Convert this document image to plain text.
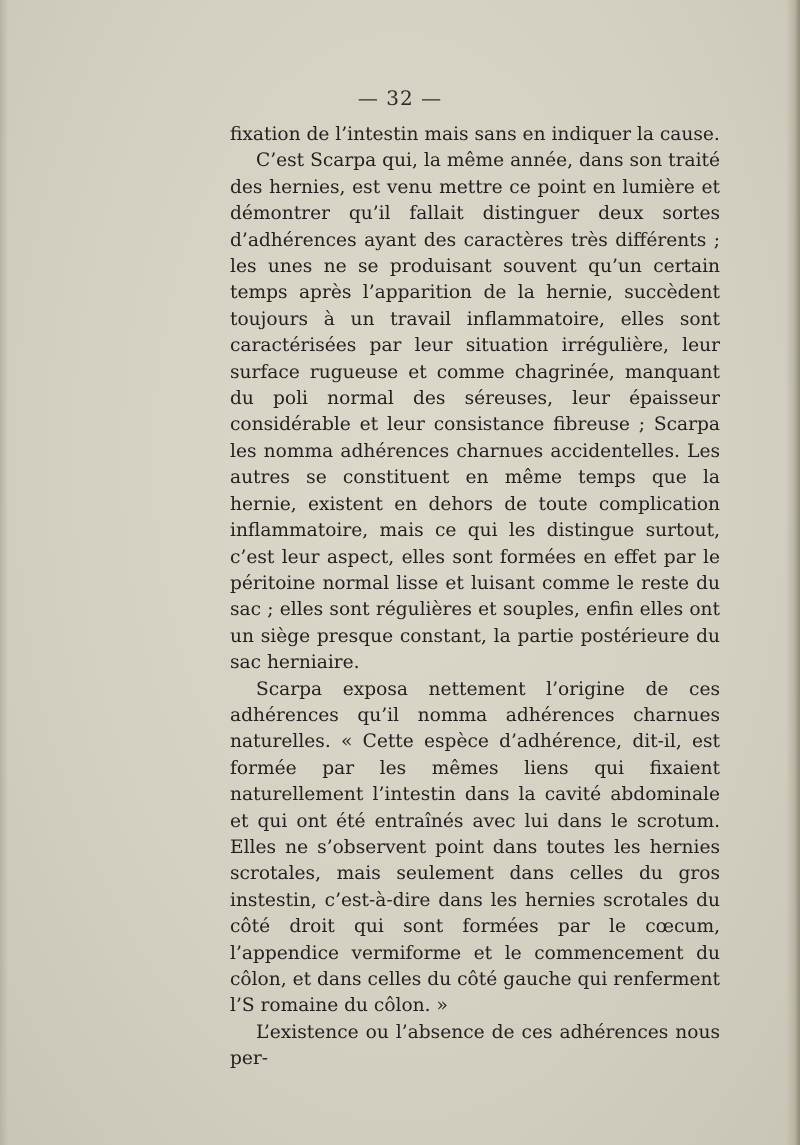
— 32 —

fixation de l’intestin mais sans en indiquer la cause.

C’est Scarpa qui, la même année, dans son traité des hernies, est venu mettre ce point en lumière et démontrer qu’il fallait distinguer deux sortes d’adhérences ayant des caractères très différents ; les unes ne se produisant souvent qu’un certain temps après l’apparition de la hernie, succèdent toujours à un travail inflammatoire, elles sont caractérisées par leur situation irrégulière, leur surface rugueuse et comme chagrinée, manquant du poli normal des séreuses, leur épaisseur considérable et leur consistance fibreuse ; Scarpa les nomma adhérences charnues accidentelles. Les autres se constituent en même temps que la hernie, existent en dehors de toute complication inflammatoire, mais ce qui les distingue surtout, c’est leur aspect, elles sont formées en effet par le péritoine normal lisse et luisant comme le reste du sac ; elles sont régulières et souples, enfin elles ont un siège presque constant, la partie postérieure du sac herniaire.

Scarpa exposa nettement l’origine de ces adhérences qu’il nomma adhérences charnues naturelles. « Cette espèce d’adhérence, dit-il, est formée par les mêmes liens qui fixaient naturellement l’intestin dans la cavité abdominale et qui ont été entraînés avec lui dans le scrotum. Elles ne s’observent point dans toutes les hernies scrotales, mais seulement dans celles du gros instestin, c’est-à-dire dans les hernies scrotales du côté droit qui sont formées par le cœcum, l’appendice vermiforme et le commencement du côlon, et dans celles du côté gauche qui renferment l’S romaine du côlon. »

L’existence ou l’absence de ces adhérences nous per-
